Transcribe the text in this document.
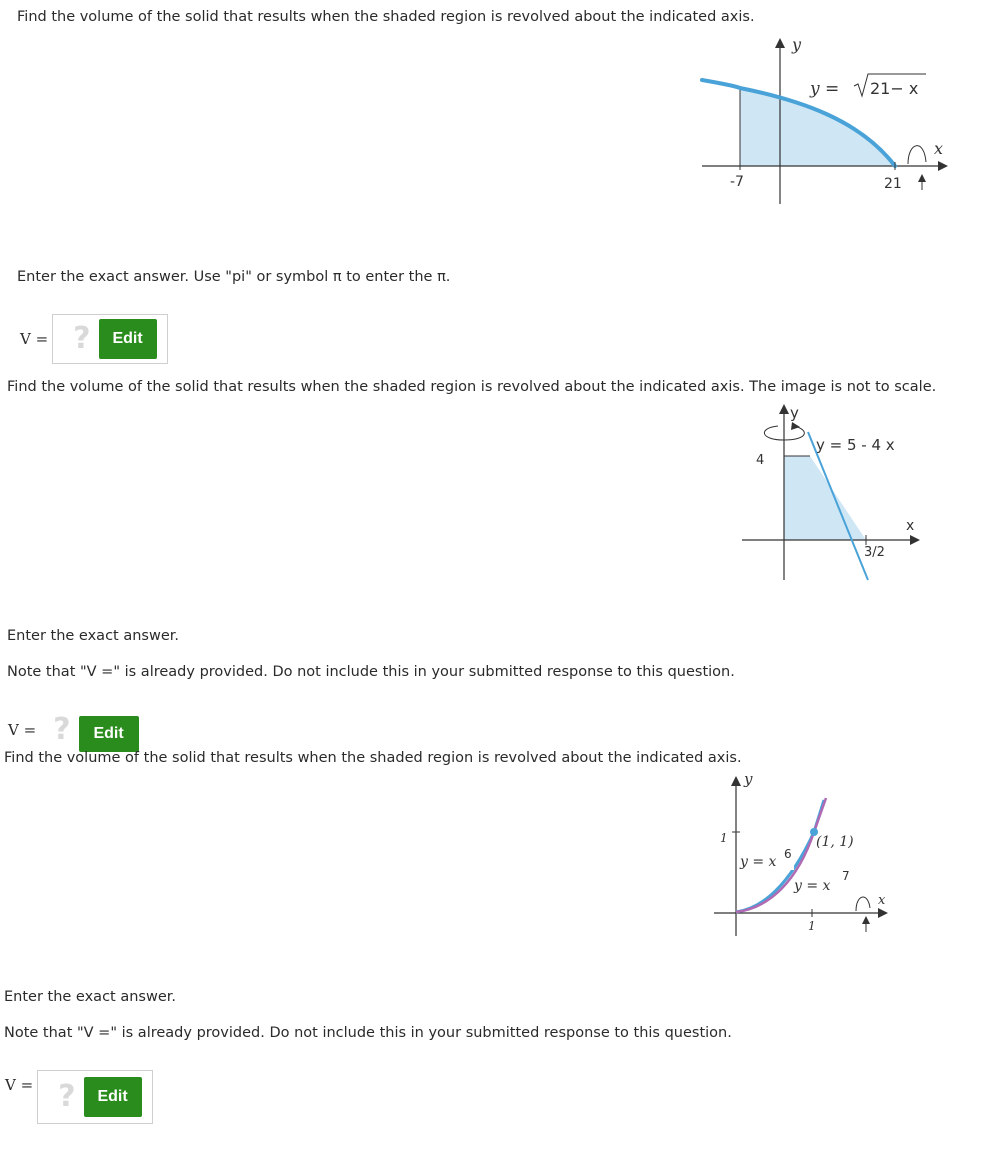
Find the volume of the solid that results when the shaded region is revolved about the indicated axis.
y
x
-7	21
y = 21− x
Enter the exact answer. Use "pi" or symbol π to enter the π.
V = ?	Edit
Find the volume of the solid that results when the shaded region is revolved about the indicated axis. The image is not to scale.
y
x
4
3/2
y = 5 - 4 x
Enter the exact answer.
Note that "V =" is already provided. Do not include this in your submitted response to this question.
V = ?	Edit
Find the volume of the solid that results when the shaded region is revolved about the indicated axis.
y
x
1
1
(1, 1)
y = x 6
y = x
7
Enter the exact answer.
Note that "V =" is already provided. Do not include this in your submitted response to this question.
V = ?	Edit
